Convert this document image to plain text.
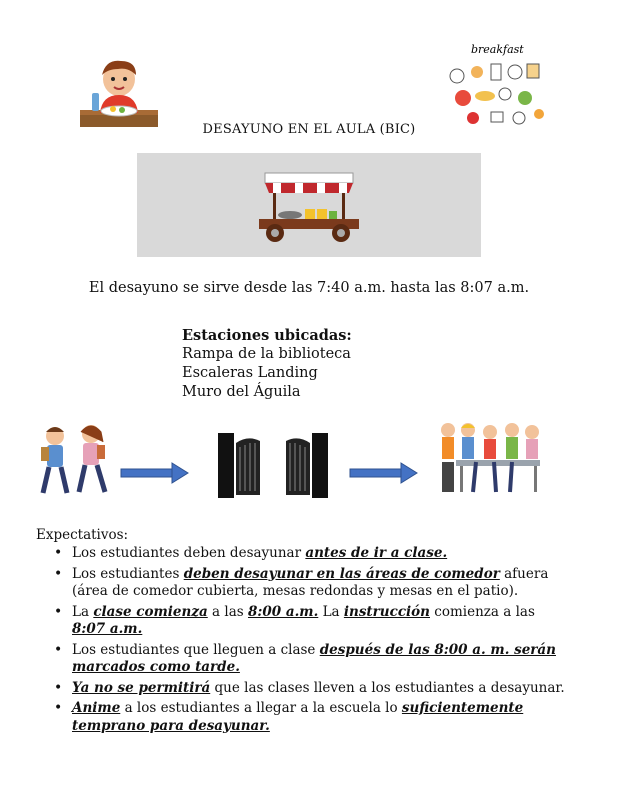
breakfast
DESAYUNO EN EL AULA (BIC)
El desayuno se sirve desde las 7:40 a.m. hasta las 8:07 a.m.
Estaciones ubicadas:
Rampa de la biblioteca
Escaleras Landing
Muro del Águila
Expectativos:
• Los estudiantes deben desayunar antes de ir a clase.
• Los estudiantes deben desayunar en las áreas de comedor afuera (área de comedor cubierta, mesas redondas y mesas en el patio).
• La clase comienza a las 8:00 a.m. La instrucción comienza a las 8:07 a.m.
• Los estudiantes que lleguen a clase después de las 8:00 a. m. serán marcados como tarde.
• Ya no se permitirá que las clases lleven a los estudiantes a desayunar.
• Anime a los estudiantes a llegar a la escuela lo suficientemente temprano para desayunar.
